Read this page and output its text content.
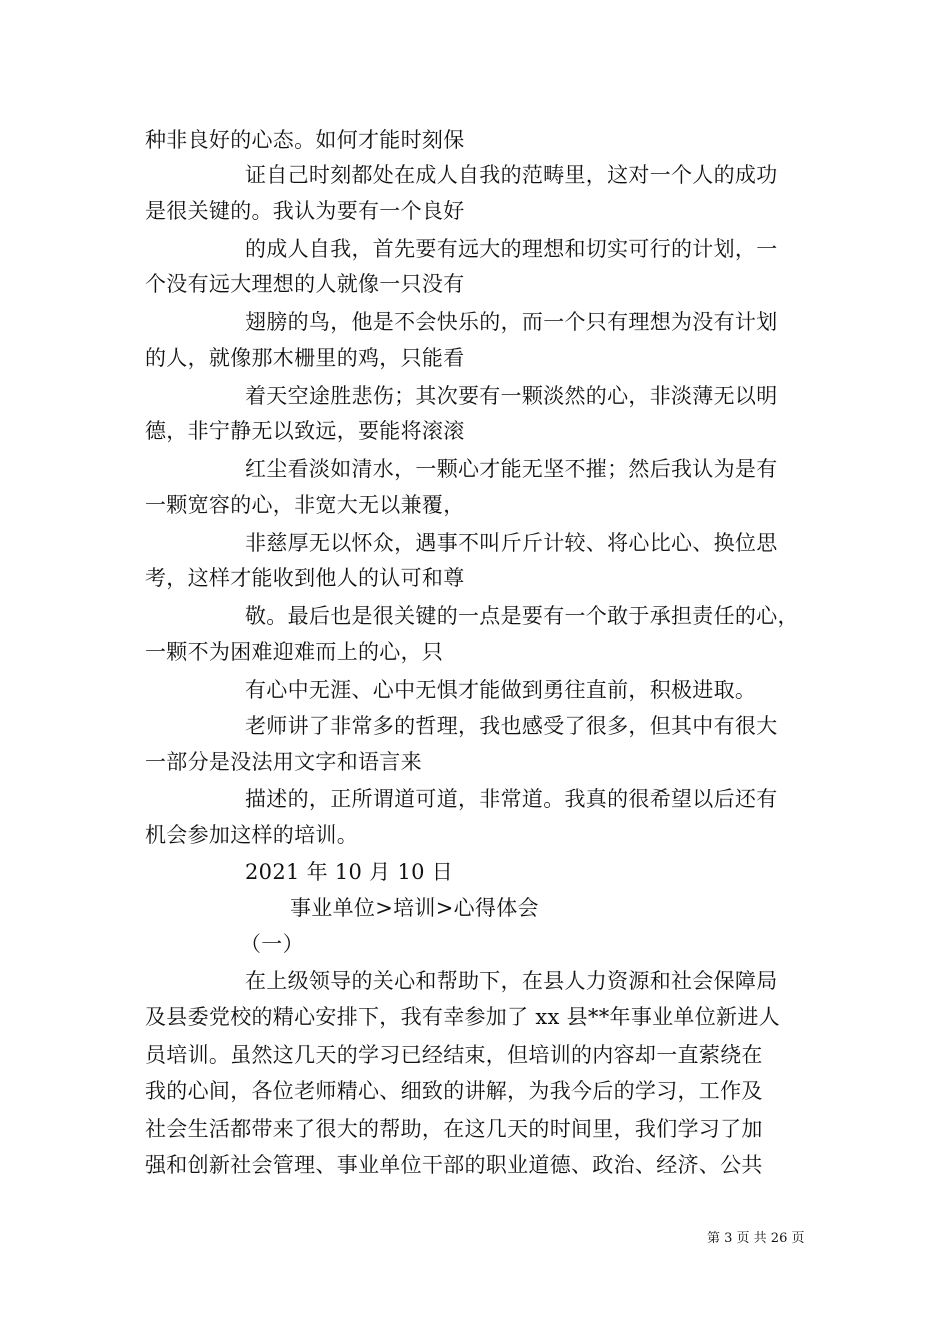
种非良好的心态。如何才能时刻保
证自己时刻都处在成人自我的范畴里，这对一个人的成功
是很关键的。我认为要有一个良好
的成人自我，首先要有远大的理想和切实可行的计划，一
个没有远大理想的人就像一只没有
翅膀的鸟，他是不会快乐的，而一个只有理想为没有计划
的人，就像那木栅里的鸡，只能看
着天空途胜悲伤；其次要有一颗淡然的心，非淡薄无以明
德，非宁静无以致远，要能将滚滚
红尘看淡如清水，一颗心才能无坚不摧；然后我认为是有
一颗宽容的心，非宽大无以兼覆，
非慈厚无以怀众，遇事不叫斤斤计较、将心比心、换位思
考，这样才能收到他人的认可和尊
敬。最后也是很关键的一点是要有一个敢于承担责任的心，
一颗不为困难迎难而上的心，只
有心中无涯、心中无惧才能做到勇往直前，积极进取。
老师讲了非常多的哲理，我也感受了很多，但其中有很大
一部分是没法用文字和语言来
描述的，正所谓道可道，非常道。我真的很希望以后还有
机会参加这样的培训。
2021 年 10 月 10 日
事业单位>培训>心得体会
（一）
在上级领导的关心和帮助下，在县人力资源和社会保障局
及县委党校的精心安排下，我有幸参加了 xx 县**年事业单位新进人
员培训。虽然这几天的学习已经结束，但培训的内容却一直萦绕在
我的心间，各位老师精心、细致的讲解，为我今后的学习，工作及
社会生活都带来了很大的帮助，在这几天的时间里，我们学习了加
强和创新社会管理、事业单位干部的职业道德、政治、经济、公共
第 3 页 共 26 页
